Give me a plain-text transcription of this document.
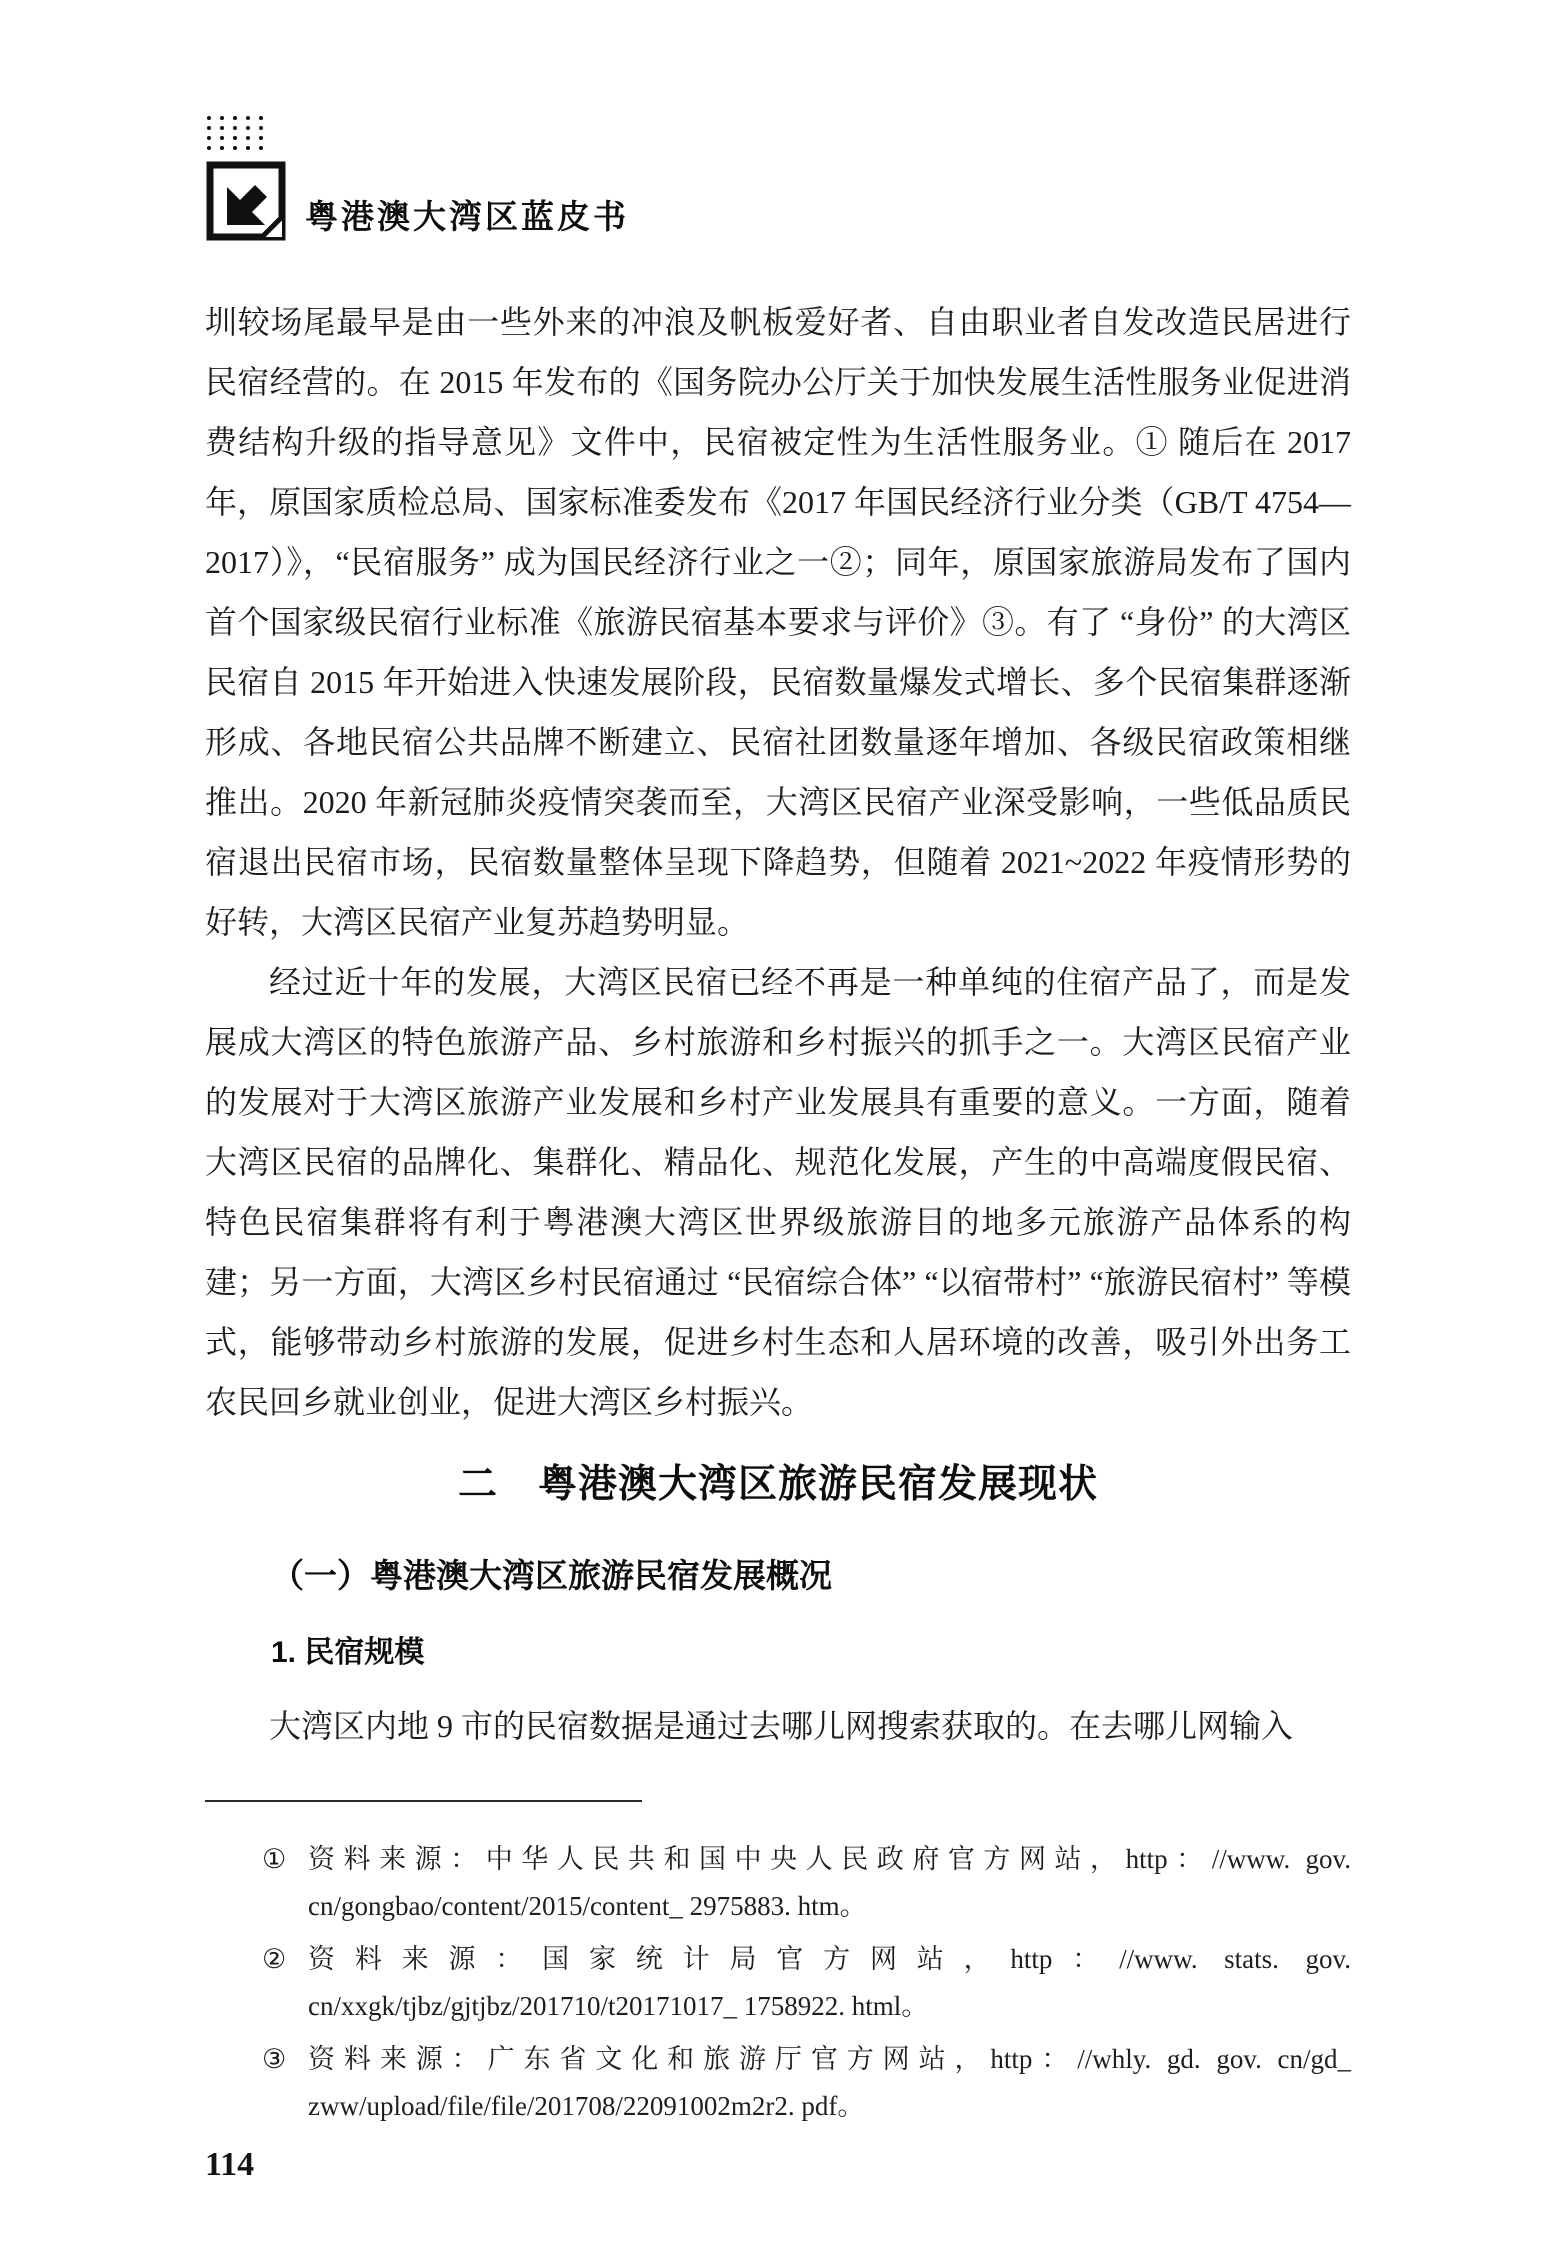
粤港澳大湾区蓝皮书

圳较场尾最早是由一些外来的冲浪及帆板爱好者、自由职业者自发改造民居进行民宿经营的。在 2015 年发布的《国务院办公厅关于加快发展生活性服务业促进消费结构升级的指导意见》文件中，民宿被定性为生活性服务业。① 随后在 2017 年，原国家质检总局、国家标准委发布《2017 年国民经济行业分类（GB/T 4754—2017）》，“民宿服务” 成为国民经济行业之一②；同年，原国家旅游局发布了国内首个国家级民宿行业标准《旅游民宿基本要求与评价》③。有了 “身份” 的大湾区民宿自 2015 年开始进入快速发展阶段，民宿数量爆发式增长、多个民宿集群逐渐形成、各地民宿公共品牌不断建立、民宿社团数量逐年增加、各级民宿政策相继推出。2020 年新冠肺炎疫情突袭而至，大湾区民宿产业深受影响，一些低品质民宿退出民宿市场，民宿数量整体呈现下降趋势，但随着 2021~2022 年疫情形势的好转，大湾区民宿产业复苏趋势明显。

经过近十年的发展，大湾区民宿已经不再是一种单纯的住宿产品了，而是发展成大湾区的特色旅游产品、乡村旅游和乡村振兴的抓手之一。大湾区民宿产业的发展对于大湾区旅游产业发展和乡村产业发展具有重要的意义。一方面，随着大湾区民宿的品牌化、集群化、精品化、规范化发展，产生的中高端度假民宿、特色民宿集群将有利于粤港澳大湾区世界级旅游目的地多元旅游产品体系的构建；另一方面，大湾区乡村民宿通过 “民宿综合体” “以宿带村” “旅游民宿村” 等模式，能够带动乡村旅游的发展，促进乡村生态和人居环境的改善，吸引外出务工农民回乡就业创业，促进大湾区乡村振兴。

二　粤港澳大湾区旅游民宿发展现状
（一）粤港澳大湾区旅游民宿发展概况
1. 民宿规模

大湾区内地 9 市的民宿数据是通过去哪儿网搜索获取的。在去哪儿网输入

① 资料来源：中华人民共和国中央人民政府官方网站，http：//www. gov. cn/gongbao/content/2015/content_ 2975883. htm。
② 资料来源：国家统计局官方网站，http：//www. stats. gov. cn/xxgk/tjbz/gjtjbz/201710/t20171017_ 1758922. html。
③ 资料来源：广东省文化和旅游厅官方网站，http：//whly. gd. gov. cn/gd_ zww/upload/file/file/201708/22091002m2r2. pdf。
114
